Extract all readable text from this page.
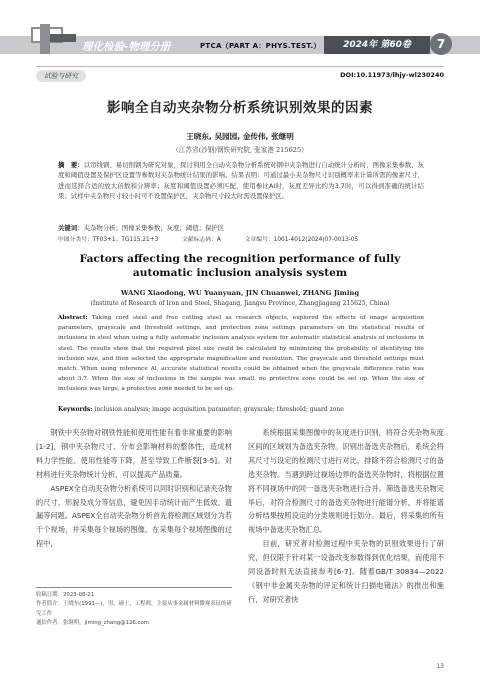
理化检验-物理分册	PTCA（PART A：PHYS.TEST.）	2024年 第60卷	7
试验与研究	DOI:10.11973/lhjy-wl230240
影响全自动夹杂物分析系统识别效果的因素
王晓东, 吴园园, 金传伟, 张继明
（江苏省(沙钢)钢铁研究院, 张家港 215625）
摘　要：以帘线钢、易切削钢为研究对象，探讨利用全自动夹杂物分析系统对钢中夹杂物进行自动统计分析时，图像采集参数、灰度和阈值设置及保护区设置等参数对夹杂物统计结果的影响。结果表明：可通过最小夹杂物尺寸识别概率来计算所需的像素尺寸，进而选择合适的放大倍数和分辨率；灰度和阈值设置必须匹配，使用参比Al时，灰度差异比约为3.7时，可以得到准确的统计结果；试样中夹杂物尺寸较小时可不设置保护区，夹杂物尺寸较大时需设置保护区。
关键词：夹杂物分析；图像采集参数；灰度；阈值；保护区
中图分类号：TF03+1；TG115.21+3	文献标志码：A	文章编号：1001-4012(2024)07-0013-05
Factors affecting the recognition performance of fully automatic inclusion analysis system
WANG Xiaodong, WU Yuanyuan, JIN Chuanwei, ZHANG Jiming
(Institute of Research of Iron and Steel, Shagang, Jiangsu Province, Zhangjiagang 215625, China)
Abstract: Taking cord steel and free cutting steel as research objects, explored the effects of image acquisition parameters, grayscale and threshold settings, and protection zone settings parameters on the statistical results of inclusions in steel when using a fully automatic inclusion analysis system for automatic statistical analysis of inclusions in steel. The results show that the required pixel size could be calculated by minimizing the probability of identifying the inclusion size, and then selected the appropriate magnification and resolution. The grayscale and threshold settings must match. When using reference Al, accurate statistical results could be obtained when the grayscale difference ratio was about 3.7. When the size of inclusions in the sample was small, no protective zone could be set up. When the size of inclusions was large, a protective zone needed to be set up.
Keywords: inclusion analysis; image acquisition parameter; grayscale; threshold; guard zone

钢铁中夹杂物对钢铁性能和使用性能有着非常重要的影响[1-2]，钢中夹杂物尺寸、分布会影响材料的整体性，造成材料力学性能、使用性能等下降，甚至导致工件断裂[3-5]。对材料进行夹杂物统计分析，可以提高产品质量。

ASPEX全自动夹杂物分析系统可以同时识别和记录夹杂物的尺寸、形貌及成分等信息，避免因手动统计而产生低效、遗漏等问题。ASPEX全自动夹杂物分析首先将检测区域划分为若干个视场，并采集每个视场的图像。在采集每个视场图像的过程中，

系统根据采集图像中的灰度进行识别，将符合夹杂物灰度区间的区域划为备选夹杂物。识别出备选夹杂物后，系统会将其尺寸与设定的检测尺寸进行对比，排除不符合检测尺寸的备选夹杂物。当遇到跨过视场边界的备选夹杂物时，将根据位置将不同视场中的同一备选夹杂物进行合并。筛选备选夹杂物完毕后，对符合检测尺寸的备选夹杂物进行能谱分析，并将能谱分析结果按照设定的分类规则进行划分。最后，将采集的所有视场中备选夹杂物汇总。

目前，研究者对检测过程中夹杂物的识别效果进行了研究，但仅限于针对某一设备改变参数得到优化结果，而使用不同设备时则无法直接参考[6-7]。随着GB/T 30834—2022《钢中非金属夹杂物的评定和统计扫描电镜法》的推出和施行，对研究者快

收稿日期：2023-08-21
作者简介：王晓东(1991—)，男，硕士，工程师，主要从事金属材料微观表征的研究工作
通信作者：张继明，jiming_zhang@126.com
13
